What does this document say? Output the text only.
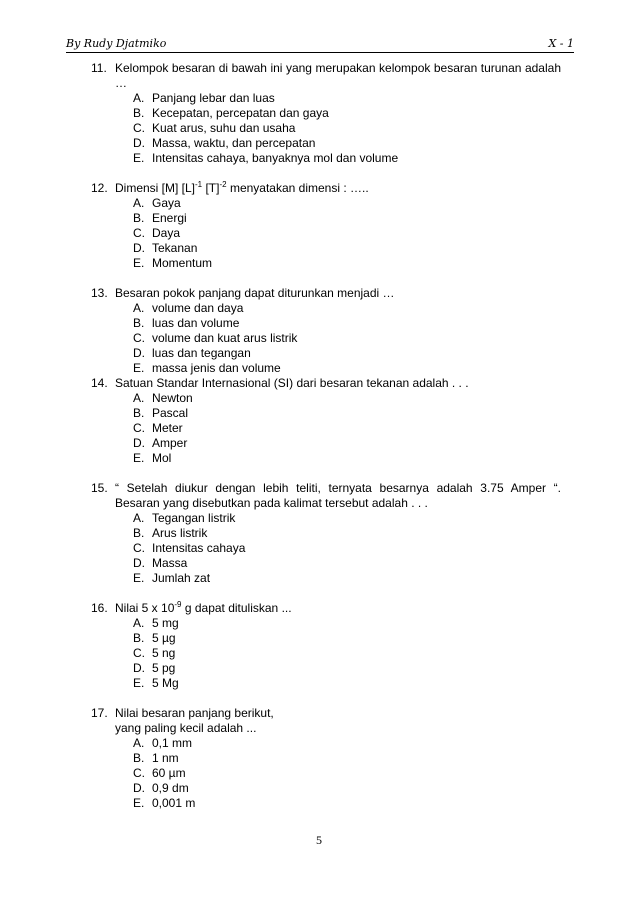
By Rudy Djatmiko	X - 1
11. Kelompok besaran di bawah ini yang merupakan kelompok besaran turunan adalah …
A. Panjang lebar dan luas
B. Kecepatan, percepatan dan gaya
C. Kuat arus, suhu dan usaha
D. Massa, waktu, dan percepatan
E. Intensitas cahaya, banyaknya mol dan volume
12. Dimensi [M] $[L]^{-1}$ $[T]^{-2}$ menyatakan dimensi : …..
A. Gaya
B. Energi
C. Daya
D. Tekanan
E. Momentum
13. Besaran pokok panjang dapat diturunkan menjadi …
A. volume dan daya
B. luas dan volume
C. volume dan kuat arus listrik
D. luas dan tegangan
E. massa jenis dan volume
14. Satuan Standar Internasional (SI) dari besaran tekanan adalah . . .
A. Newton
B. Pascal
C. Meter
D. Amper
E. Mol
15. “ Setelah diukur dengan lebih teliti, ternyata besarnya adalah 3.75 Amper “. Besaran yang disebutkan pada kalimat tersebut adalah . . .
A. Tegangan listrik
B. Arus listrik
C. Intensitas cahaya
D. Massa
E. Jumlah zat
16. Nilai 5 x $10^{-9}$ g dapat dituliskan ...
A. 5 mg
B. 5 µg
C. 5 ng
D. 5 pg
E. 5 Mg
17. Nilai besaran panjang berikut,
yang paling kecil adalah ...
A. 0,1 mm
B. 1 nm
C. 60 µm
D. 0,9 dm
E. 0,001 m
5
